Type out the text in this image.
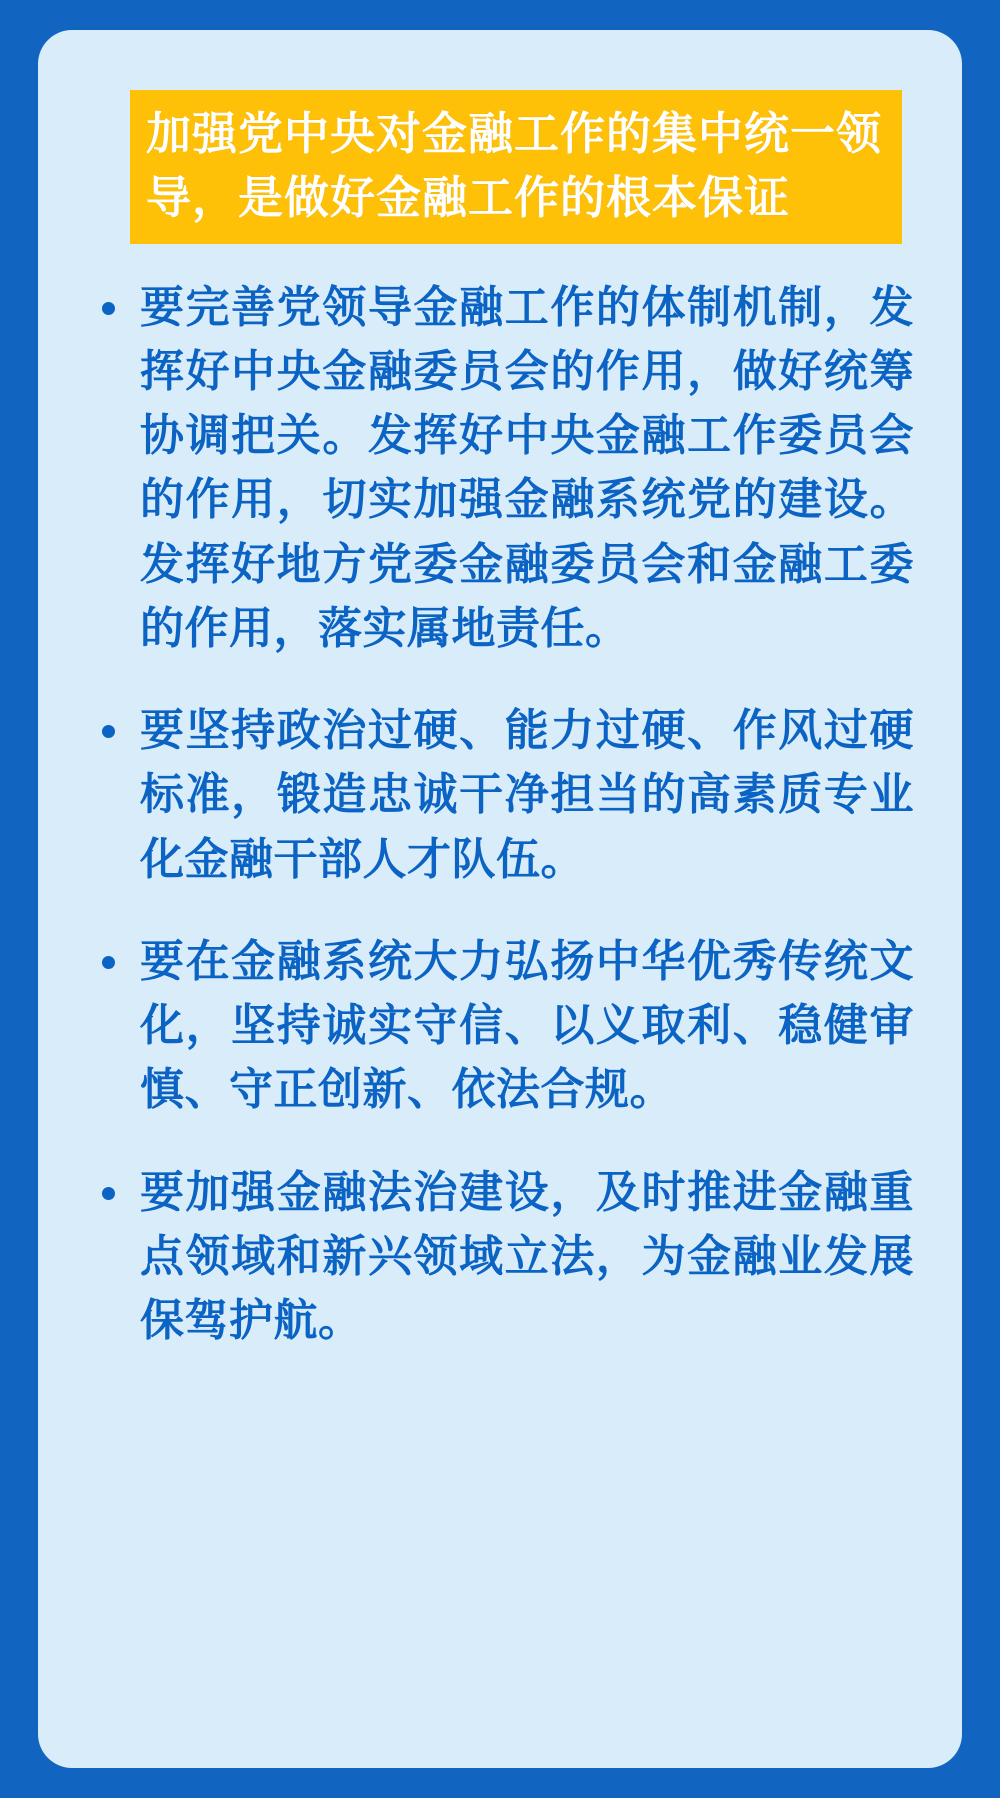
加强党中央对金融工作的集中统一领导，是做好金融工作的根本保证
要完善党领导金融工作的体制机制，发挥好中央金融委员会的作用，做好统筹协调把关。发挥好中央金融工作委员会的作用，切实加强金融系统党的建设。发挥好地方党委金融委员会和金融工委的作用，落实属地责任。
要坚持政治过硬、能力过硬、作风过硬标准，锻造忠诚干净担当的高素质专业化金融干部人才队伍。
要在金融系统大力弘扬中华优秀传统文化，坚持诚实守信、以义取利、稳健审慎、守正创新、依法合规。
要加强金融法治建设，及时推进金融重点领域和新兴领域立法，为金融业发展保驾护航。
